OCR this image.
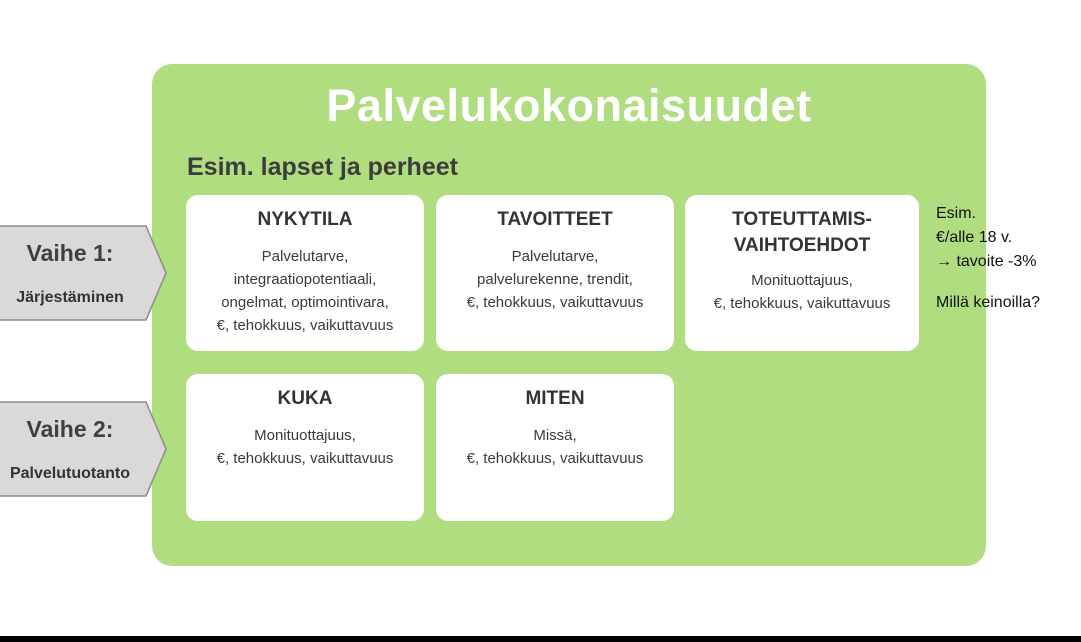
Palvelukokonaisuudet
Esim. lapset ja perheet
NYKYTILA
Palvelutarve,
integraatiopotentiaali,
ongelmat, optimointivara,
€, tehokkuus, vaikuttavuus
TAVOITTEET
Palvelutarve,
palvelurekenne, trendit,
€, tehokkuus, vaikuttavuus
TOTEUTTAMIS-
VAIHTOEHDOT
Monituottajuus,
€, tehokkuus, vaikuttavuus
KUKA
Monituottajuus,
€, tehokkuus, vaikuttavuus
MITEN
Missä,
€, tehokkuus, vaikuttavuus
Esim.
€/alle 18 v.
→ tavoite -3%
Millä keinoilla?
Vaihe 1:
Järjestäminen
Vaihe 2:
Palvelutuotanto
